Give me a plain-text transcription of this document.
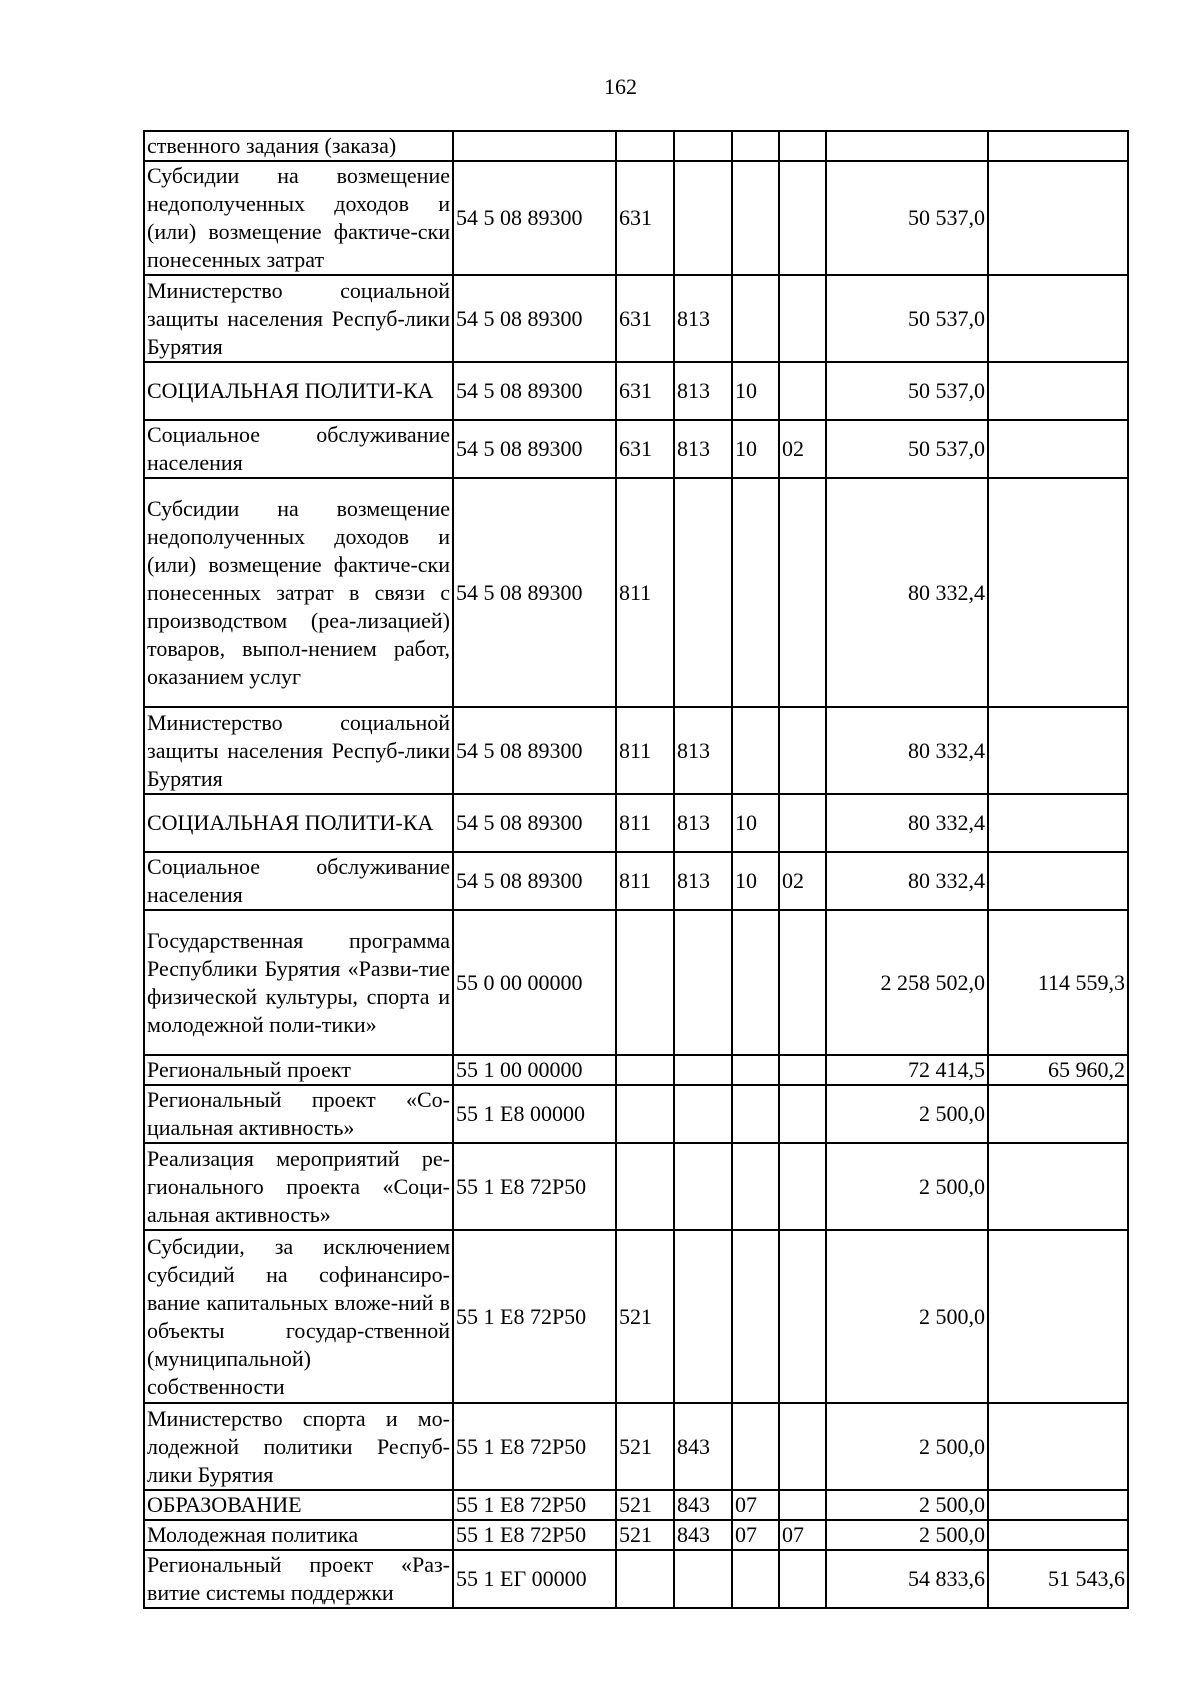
162
ственного задания (заказа)							
Субсидии на возмещение недополученных доходов и (или) возмещение фактиче-ски понесенных затрат	54 5 08 89300	631				50 537,0	
Министерство социальной защиты населения Респуб-лики Бурятия	54 5 08 89300	631	813			50 537,0	
СОЦИАЛЬНАЯ ПОЛИТИ-КА	54 5 08 89300	631	813	10		50 537,0	
Социальное обслуживание населения	54 5 08 89300	631	813	10	02	50 537,0	
Субсидии на возмещение недополученных доходов и (или) возмещение фактиче-ски понесенных затрат в связи с производством (реа-лизацией) товаров, выпол-нением работ, оказанием услуг	54 5 08 89300	811				80 332,4	
Министерство социальной защиты населения Респуб-лики Бурятия	54 5 08 89300	811	813			80 332,4	
СОЦИАЛЬНАЯ ПОЛИТИ-КА	54 5 08 89300	811	813	10		80 332,4	
Социальное обслуживание населения	54 5 08 89300	811	813	10	02	80 332,4	
Государственная программа Республики Бурятия «Разви-тие физической культуры, спорта и молодежной поли-тики»	55 0 00 00000					2 258 502,0	114 559,3
Региональный проект	55 1 00 00000					72 414,5	65 960,2
Региональный проект «Со-циальная активность»	55 1 E8 00000					2 500,0	
Реализация мероприятий ре-гионального проекта «Соци-альная активность»	55 1 E8 72P50					2 500,0	
Субсидии, за исключением субсидий на софинансиро-вание капитальных вложе-ний в объекты государ-ственной (муниципальной) собственности	55 1 E8 72P50	521				2 500,0	
Министерство спорта и мо-лодежной политики Респуб-лики Бурятия	55 1 E8 72P50	521	843			2 500,0	
ОБРАЗОВАНИЕ	55 1 E8 72P50	521	843	07		2 500,0	
Молодежная политика	55 1 E8 72P50	521	843	07	07	2 500,0	
Региональный проект «Раз-витие системы поддержки	55 1 ЕГ 00000					54 833,6	51 543,6
